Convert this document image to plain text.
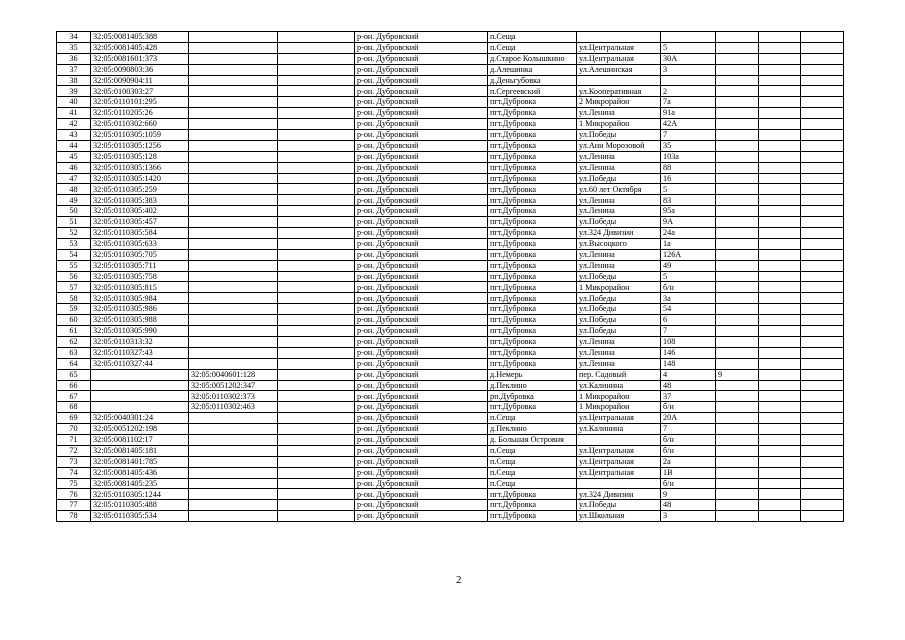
34	32:05:0081405:388			р-он. Дубровский	п.Сеща					
35	32:05:0081405:428			р-он. Дубровский	п.Сеща	ул.Центральная	5			
36	32:05:0081601:373			р-он. Дубровский	д.Старое Колышкино	ул.Центральная	30А			
37	32:05:0090803:36			р-он. Дубровский	д.Алешинка	ул.Алешинская	3			
38	32:05:0090904:11			р-он. Дубровский	д.Деньгубовка					
39	32:05:0100303:27			р-он. Дубровский	п.Сергеевский	ул.Кооперативная	2			
40	32:05:0110101:295			р-он. Дубровский	пгт.Дубровка	2 Микрорайон	7а			
41	32:05:0110205:26			р-он. Дубровский	пгт.Дубровка	ул.Ленина	91а			
42	32:05:0110302:660			р-он. Дубровский	пгт.Дубровка	1 Микрорайон	42А			
43	32:05:0110305:1059			р-он. Дубровский	пгт.Дубровка	ул.Победы	7			
44	32:05:0110305:1256			р-он. Дубровский	пгт.Дубровка	ул.Ани Морозовой	35			
45	32:05:0110305:128			р-он. Дубровский	пгт.Дубровка	ул.Ленина	103а			
46	32:05:0110305:1366			р-он. Дубровский	пгт.Дубровка	ул.Ленина	88			
47	32:05:0110305:1420			р-он. Дубровский	пгт.Дубровка	ул.Победы	16			
48	32:05:0110305:259			р-он. Дубровский	пгт.Дубровка	ул.60 лет Октября	5			
49	32:05:0110305:383			р-он. Дубровский	пгт.Дубровка	ул.Ленина	83			
50	32:05:0110305:402			р-он. Дубровский	пгт.Дубровка	ул.Ленина	95а			
51	32:05:0110305:457			р-он. Дубровский	пгт.Дубровка	ул.Победы	9А			
52	32:05:0110305:584			р-он. Дубровский	пгт.Дубровка	ул.324 Дивизии	24а			
53	32:05:0110305:633			р-он. Дубровский	пгт.Дубровка	ул.Высоцкого	1а			
54	32:05:0110305:705			р-он. Дубровский	пгт.Дубровка	ул.Ленина	126А			
55	32:05:0110305:711			р-он. Дубровский	пгт.Дубровка	ул.Ленина	49			
56	32:05:0110305:758			р-он. Дубровский	пгт.Дубровка	ул.Победы	5			
57	32:05:0110305:815			р-он. Дубровский	пгт.Дубровка	1 Микрорайон	б/н			
58	32:05:0110305:984			р-он. Дубровский	пгт.Дубровка	ул.Победы	3а			
59	32:05:0110305:986			р-он. Дубровский	пгт.Дубровка	ул.Победы	54			
60	32:05:0110305:988			р-он. Дубровский	пгт.Дубровка	ул.Победы	6			
61	32:05:0110305:990			р-он. Дубровский	пгт.Дубровка	ул.Победы	7			
62	32:05:0110313:32			р-он. Дубровский	пгт.Дубровка	ул.Ленина	108			
63	32:05:0110327:43			р-он. Дубровский	пгт.Дубровка	ул.Ленина	146			
64	32:05:0110327:44			р-он. Дубровский	пгт.Дубровка	ул.Ленина	148			
65		32:05:0040601:128		р-он. Дубровский	д.Немерь	пер. Садовый	4	9		
66		32:05:0051202:347		р-он. Дубровский	д.Пеклино	ул.Калинина	48			
67		32:05:0110302:373		р-он. Дубровский	рп.Дубровка	1 Микрорайон	37			
68		32:05:0110302:463		р-он. Дубровский	пгт.Дубровка	1 Микрорайон	б/н			
69	32:05:0040301:24			р-он. Дубровский	п.Сеща	ул.Центральная	20А			
70	32:05:0051202:198			р-он. Дубровский	д.Пеклино	ул.Калинина	7			
71	32:05:0081102:17			р-он. Дубровский	д. Большая Островня		б/н			
72	32:05:0081405:181			р-он. Дубровский	п.Сеща	ул.Центральная	б/н			
73	32:05:0081401:785			р-он. Дубровский	п.Сеща	ул.Центральная	2а			
74	32:05:0081405:436			р-он. Дубровский	п.Сеща	ул.Центральная	1В			
75	32:05:0081405:235			р-он. Дубровский	п.Сеща		б/н			
76	32:05:0110305:1244			р-он. Дубровский	пгт.Дубровка	ул.324 Дивизии	9			
77	32:05:0110305:488			р-он. Дубровский	пгт.Дубровка	ул.Победы	48			
78	32:05:0110305:534			р-он. Дубровский	пгт.Дубровка	ул.Школьная	3			
2
